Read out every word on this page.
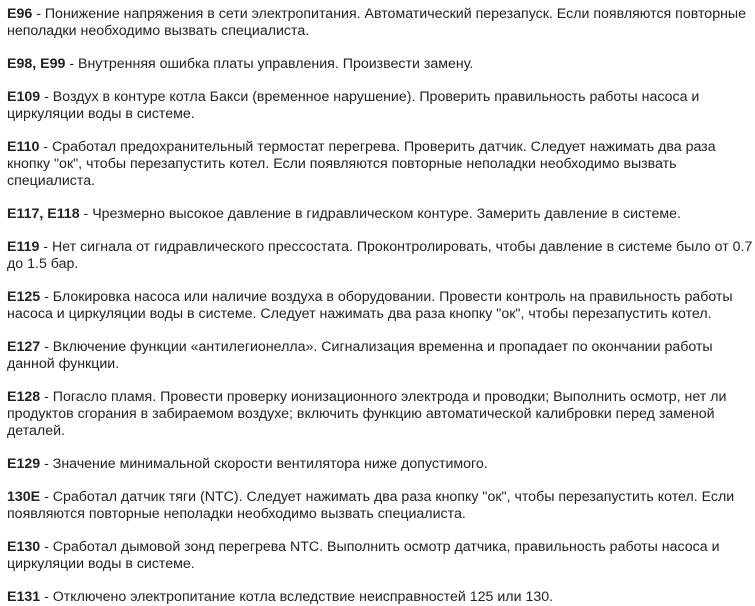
E96 - Понижение напряжения в сети электропитания. Автоматический перезапуск. Если появляются повторные неполадки необходимо вызвать специалиста.

E98, E99 - Внутренняя ошибка платы управления. Произвести замену.

E109 - Воздух в контуре котла Бакси (временное нарушение). Проверить правильность работы насоса и циркуляции воды в системе.

E110 - Сработал предохранительный термостат перегрева. Проверить датчик. Следует нажимать два раза кнопку "ок", чтобы перезапустить котел. Если появляются повторные неполадки необходимо вызвать специалиста.

E117, E118 - Чрезмерно высокое давление в гидравлическом контуре. Замерить давление в системе.

E119 - Нет сигнала от гидравлического прессостата. Проконтролировать, чтобы давление в системе было от 0.7 до 1.5 бар.

E125 - Блокировка насоса или наличие воздуха в оборудовании. Провести контроль на правильность работы насоса и циркуляции воды в системе. Следует нажимать два раза кнопку "ок", чтобы перезапустить котел.

E127 - Включение функции «антилегионелла». Сигнализация временна и пропадает по окончании работы данной функции.

E128 - Погасло пламя. Провести проверку ионизационного электрода и проводки; Выполнить осмотр, нет ли продуктов сгорания в забираемом воздухе; включить функцию автоматической калибровки перед заменой деталей.

E129 - Значение минимальной скорости вентилятора ниже допустимого.

130E - Сработал датчик тяги (NTC). Следует нажимать два раза кнопку "ок", чтобы перезапустить котел. Если появляются повторные неполадки необходимо вызвать специалиста.

E130 - Сработал дымовой зонд перегрева NTC. Выполнить осмотр датчика, правильность работы насоса и циркуляции воды в системе.

E131 - Отключено электропитание котла вследствие неисправностей 125 или 130.
